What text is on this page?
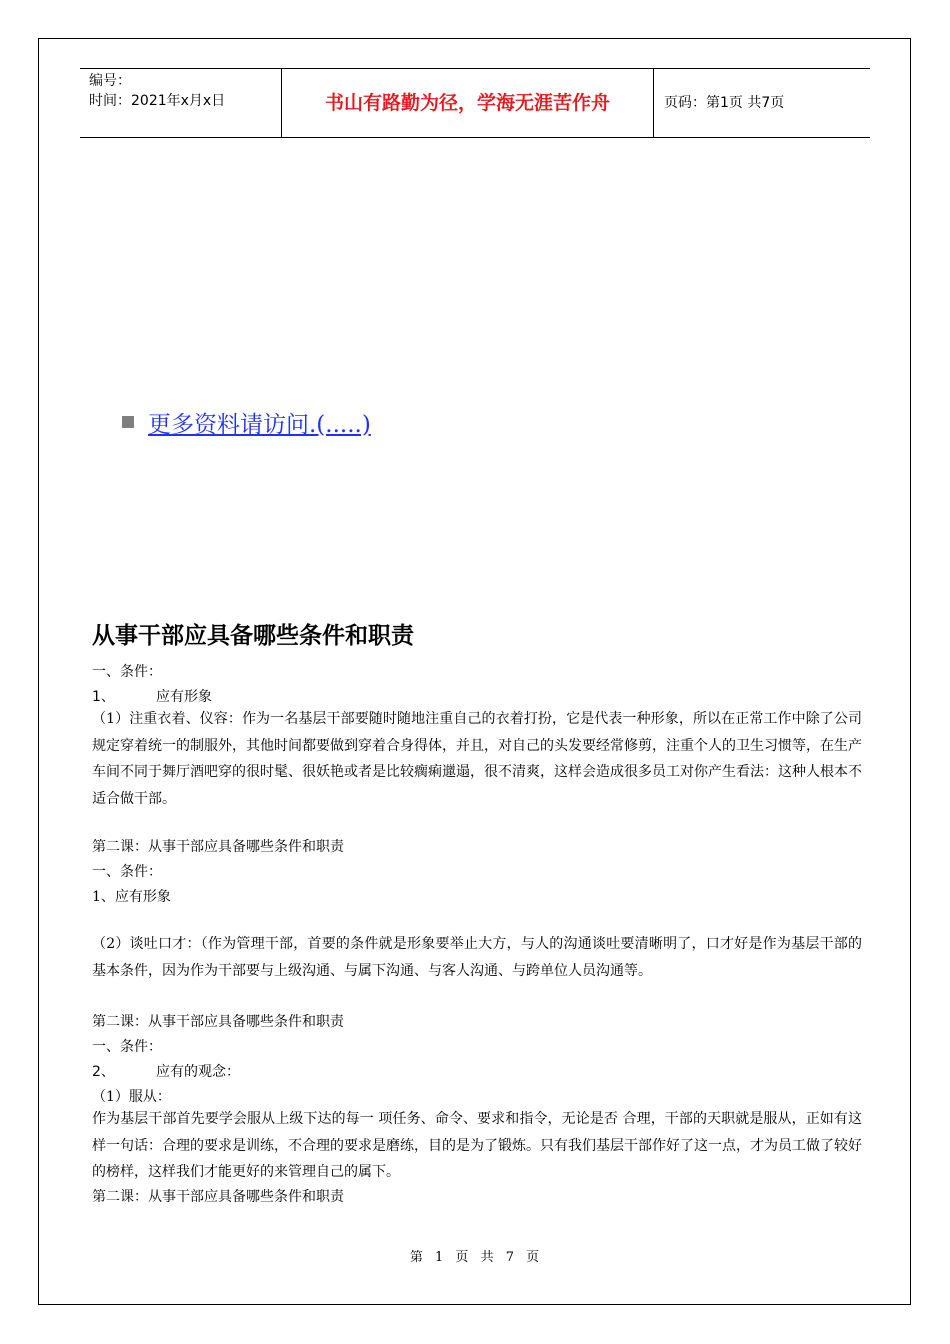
编号：
时间：2021年x月x日	书山有路勤为径，学海无涯苦作舟	页码：第1页 共7页
更多资料请访问.(.....)
从事干部应具备哪些条件和职责
一、条件：
1、	应有形象
（1）注重衣着、仪容：作为一名基层干部要随时随地注重自己的衣着打扮，它是代表一种形象，所以在正常工作中除了公司规定穿着统一的制服外，其他时间都要做到穿着合身得体，并且，对自己的头发要经常修剪，注重个人的卫生习惯等，在生产车间不同于舞厅酒吧穿的很时髦、很妖艳或者是比较瘸痢邋遢，很不清爽，这样会造成很多员工对你产生看法：这种人根本不适合做干部。
第二课：从事干部应具备哪些条件和职责
一、条件：
1、应有形象
（2）谈吐口才：（作为管理干部，首要的条件就是形象要举止大方，与人的沟通谈吐要清晰明了，口才好是作为基层干部的基本条件，因为作为干部要与上级沟通、与属下沟通、与客人沟通、与跨单位人员沟通等。
第二课：从事干部应具备哪些条件和职责
一、条件：
2、	应有的观念：
（1）服从：
作为基层干部首先要学会服从上级下达的每一 项任务、命令、要求和指令，无论是否 合理，干部的天职就是服从，正如有这样一句话：合理的要求是训练，不合理的要求是磨练，目的是为了锻炼。只有我们基层干部作好了这一点，才为员工做了较好的榜样，这样我们才能更好的来管理自己的属下。
第二课：从事干部应具备哪些条件和职责
第 1 页 共 7 页
